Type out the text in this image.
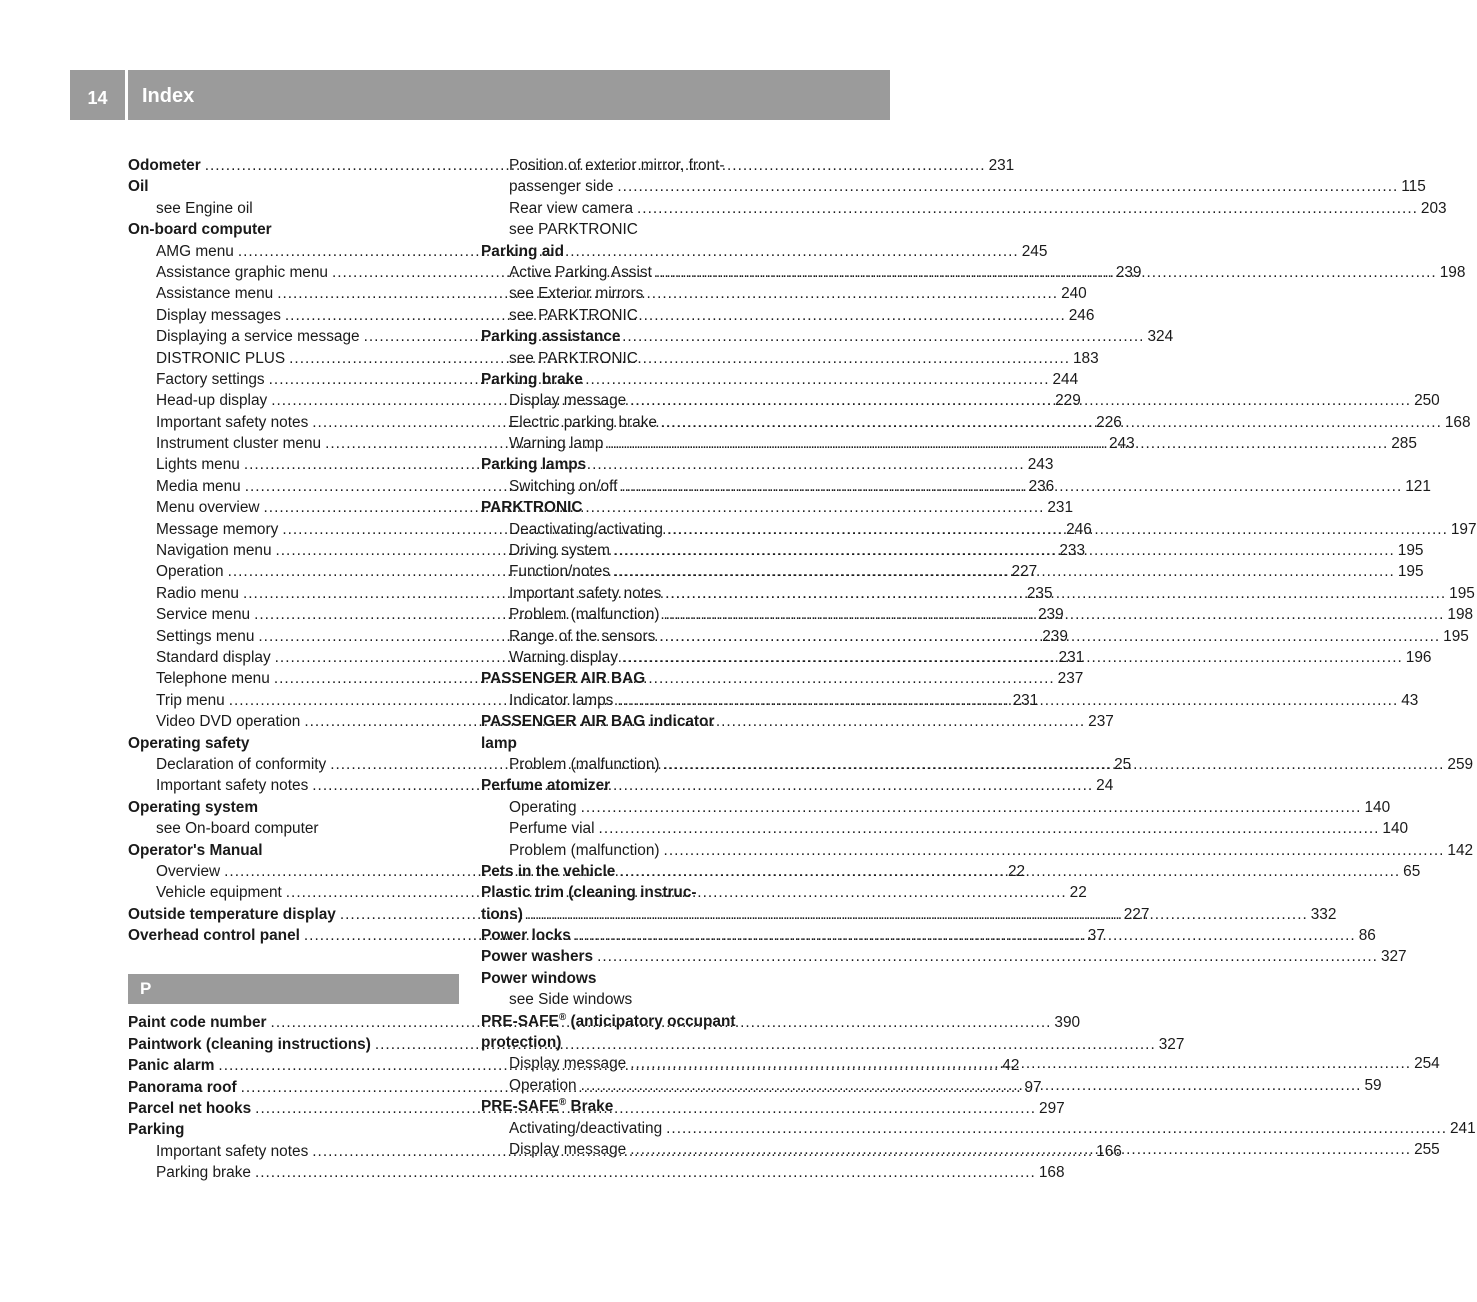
14	Index
Odometer .....	231
Oil
see Engine oil
On-board computer
AMG menu .....	245
Assistance graphic menu .....	239
Assistance menu .....	240
Display messages .....	246
Displaying a service message .....	324
DISTRONIC PLUS .....	183
Factory settings .....	244
Head-up display .....	229
Important safety notes .....	226
Instrument cluster menu .....	243
Lights menu .....	243
Media menu .....	236
Menu overview .....	231
Message memory .....	246
Navigation menu .....	233
Operation .....	227
Radio menu .....	235
Service menu .....	239
Settings menu .....	239
Standard display .....	231
Telephone menu .....	237
Trip menu .....	231
Video DVD operation .....	237
Operating safety
Declaration of conformity .....	25
Important safety notes .....	24
Operating system
see On-board computer
Operator's Manual
Overview .....	22
Vehicle equipment .....	22
Outside temperature display .....	227
Overhead control panel .....	37
P
Paint code number .....	390
Paintwork (cleaning instructions) .....	327
Panic alarm .....	42
Panorama roof .....	97
Parcel net hooks .....	297
Parking
Important safety notes .....	166
Parking brake .....	168
Position of exterior mirror, front-
passenger side .....	115
Rear view camera .....	203
see PARKTRONIC
Parking aid
Active Parking Assist .....	198
see Exterior mirrors
see PARKTRONIC
Parking assistance
see PARKTRONIC
Parking brake
Display message .....	250
Electric parking brake .....	168
Warning lamp .....	285
Parking lamps
Switching on/off .....	121
PARKTRONIC
Deactivating/activating .....	197
Driving system .....	195
Function/notes .....	195
Important safety notes .....	195
Problem (malfunction) .....	198
Range of the sensors .....	195
Warning display .....	196
PASSENGER AIR BAG
Indicator lamps .....	43
PASSENGER AIR BAG indicator
lamp
Problem (malfunction) .....	259
Perfume atomizer
Operating .....	140
Perfume vial .....	140
Problem (malfunction) .....	142
Pets in the vehicle .....	65
Plastic trim (cleaning instruc-
tions) .....	332
Power locks .....	86
Power washers .....	327
Power windows
see Side windows
PRE-SAFE® (anticipatory occupant
protection)
Display message .....	254
Operation .....	59
PRE-SAFE® Brake
Activating/deactivating .....	241
Display message .....	255
